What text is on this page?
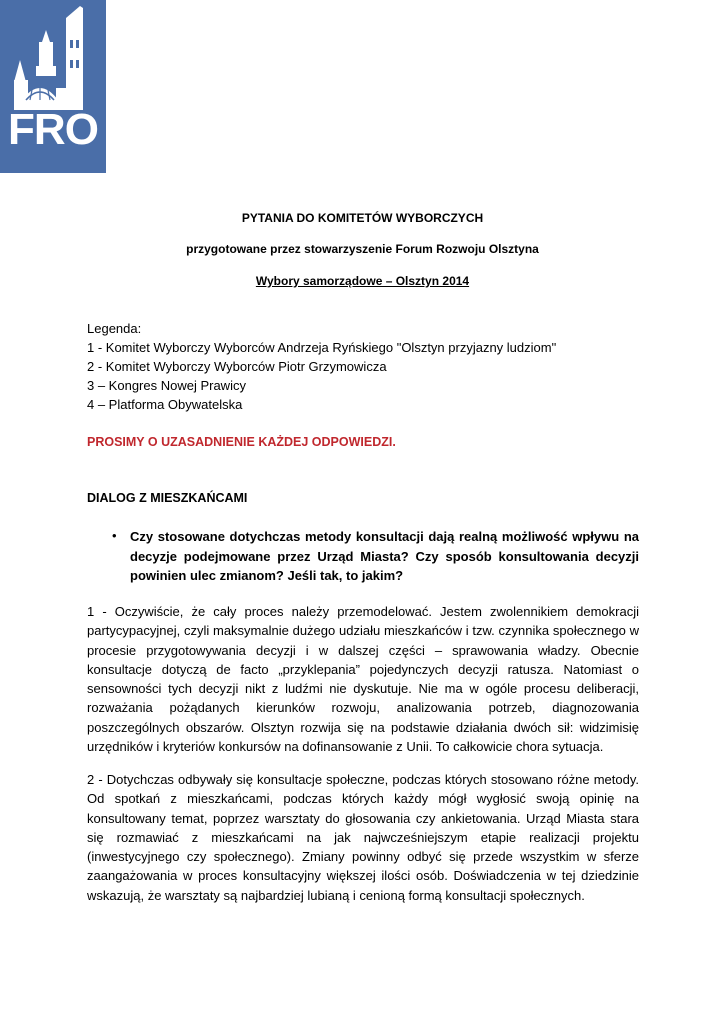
FRO
PYTANIA DO KOMITETÓW WYBORCZYCH
przygotowane przez stowarzyszenie Forum Rozwoju Olsztyna
Wybory samorządowe – Olsztyn 2014
Legenda:
1 - Komitet Wyborczy Wyborców Andrzeja Ryńskiego "Olsztyn przyjazny ludziom"
2 - Komitet Wyborczy Wyborców Piotr Grzymowicza
3 – Kongres Nowej Prawicy
4 – Platforma Obywatelska
PROSIMY O UZASADNIENIE KAŻDEJ ODPOWIEDZI.
DIALOG Z MIESZKAŃCAMI
• Czy stosowane dotychczas metody konsultacji dają realną możliwość wpływu na decyzje podejmowane przez Urząd Miasta? Czy sposób konsultowania decyzji powinien ulec zmianom? Jeśli tak, to jakim?
1 - Oczywiście, że cały proces należy przemodelować. Jestem zwolennikiem demokracji partycypacyjnej, czyli maksymalnie dużego udziału mieszkańców i tzw. czynnika społecznego w procesie przygotowywania decyzji i w dalszej części – sprawowania władzy. Obecnie konsultacje dotyczą de facto „przyklepania” pojedynczych decyzji ratusza. Natomiast o sensowności tych decyzji nikt z ludźmi nie dyskutuje. Nie ma w ogóle procesu deliberacji, rozważania pożądanych kierunków rozwoju, analizowania potrzeb, diagnozowania poszczególnych obszarów. Olsztyn rozwija się na podstawie działania dwóch sił: widzimisię urzędników i kryteriów konkursów na dofinansowanie z Unii. To całkowicie chora sytuacja.
2 - Dotychczas odbywały się konsultacje społeczne, podczas których stosowano różne metody. Od spotkań z mieszkańcami, podczas których każdy mógł wygłosić swoją opinię na konsultowany temat, poprzez warsztaty do głosowania czy ankietowania. Urząd Miasta stara się rozmawiać z mieszkańcami na jak najwcześniejszym etapie realizacji projektu (inwestycyjnego czy społecznego). Zmiany powinny odbyć się przede wszystkim w sferze zaangażowania w proces konsultacyjny większej ilości osób. Doświadczenia w tej dziedzinie wskazują, że warsztaty są najbardziej lubianą i cenioną formą konsultacji społecznych.
